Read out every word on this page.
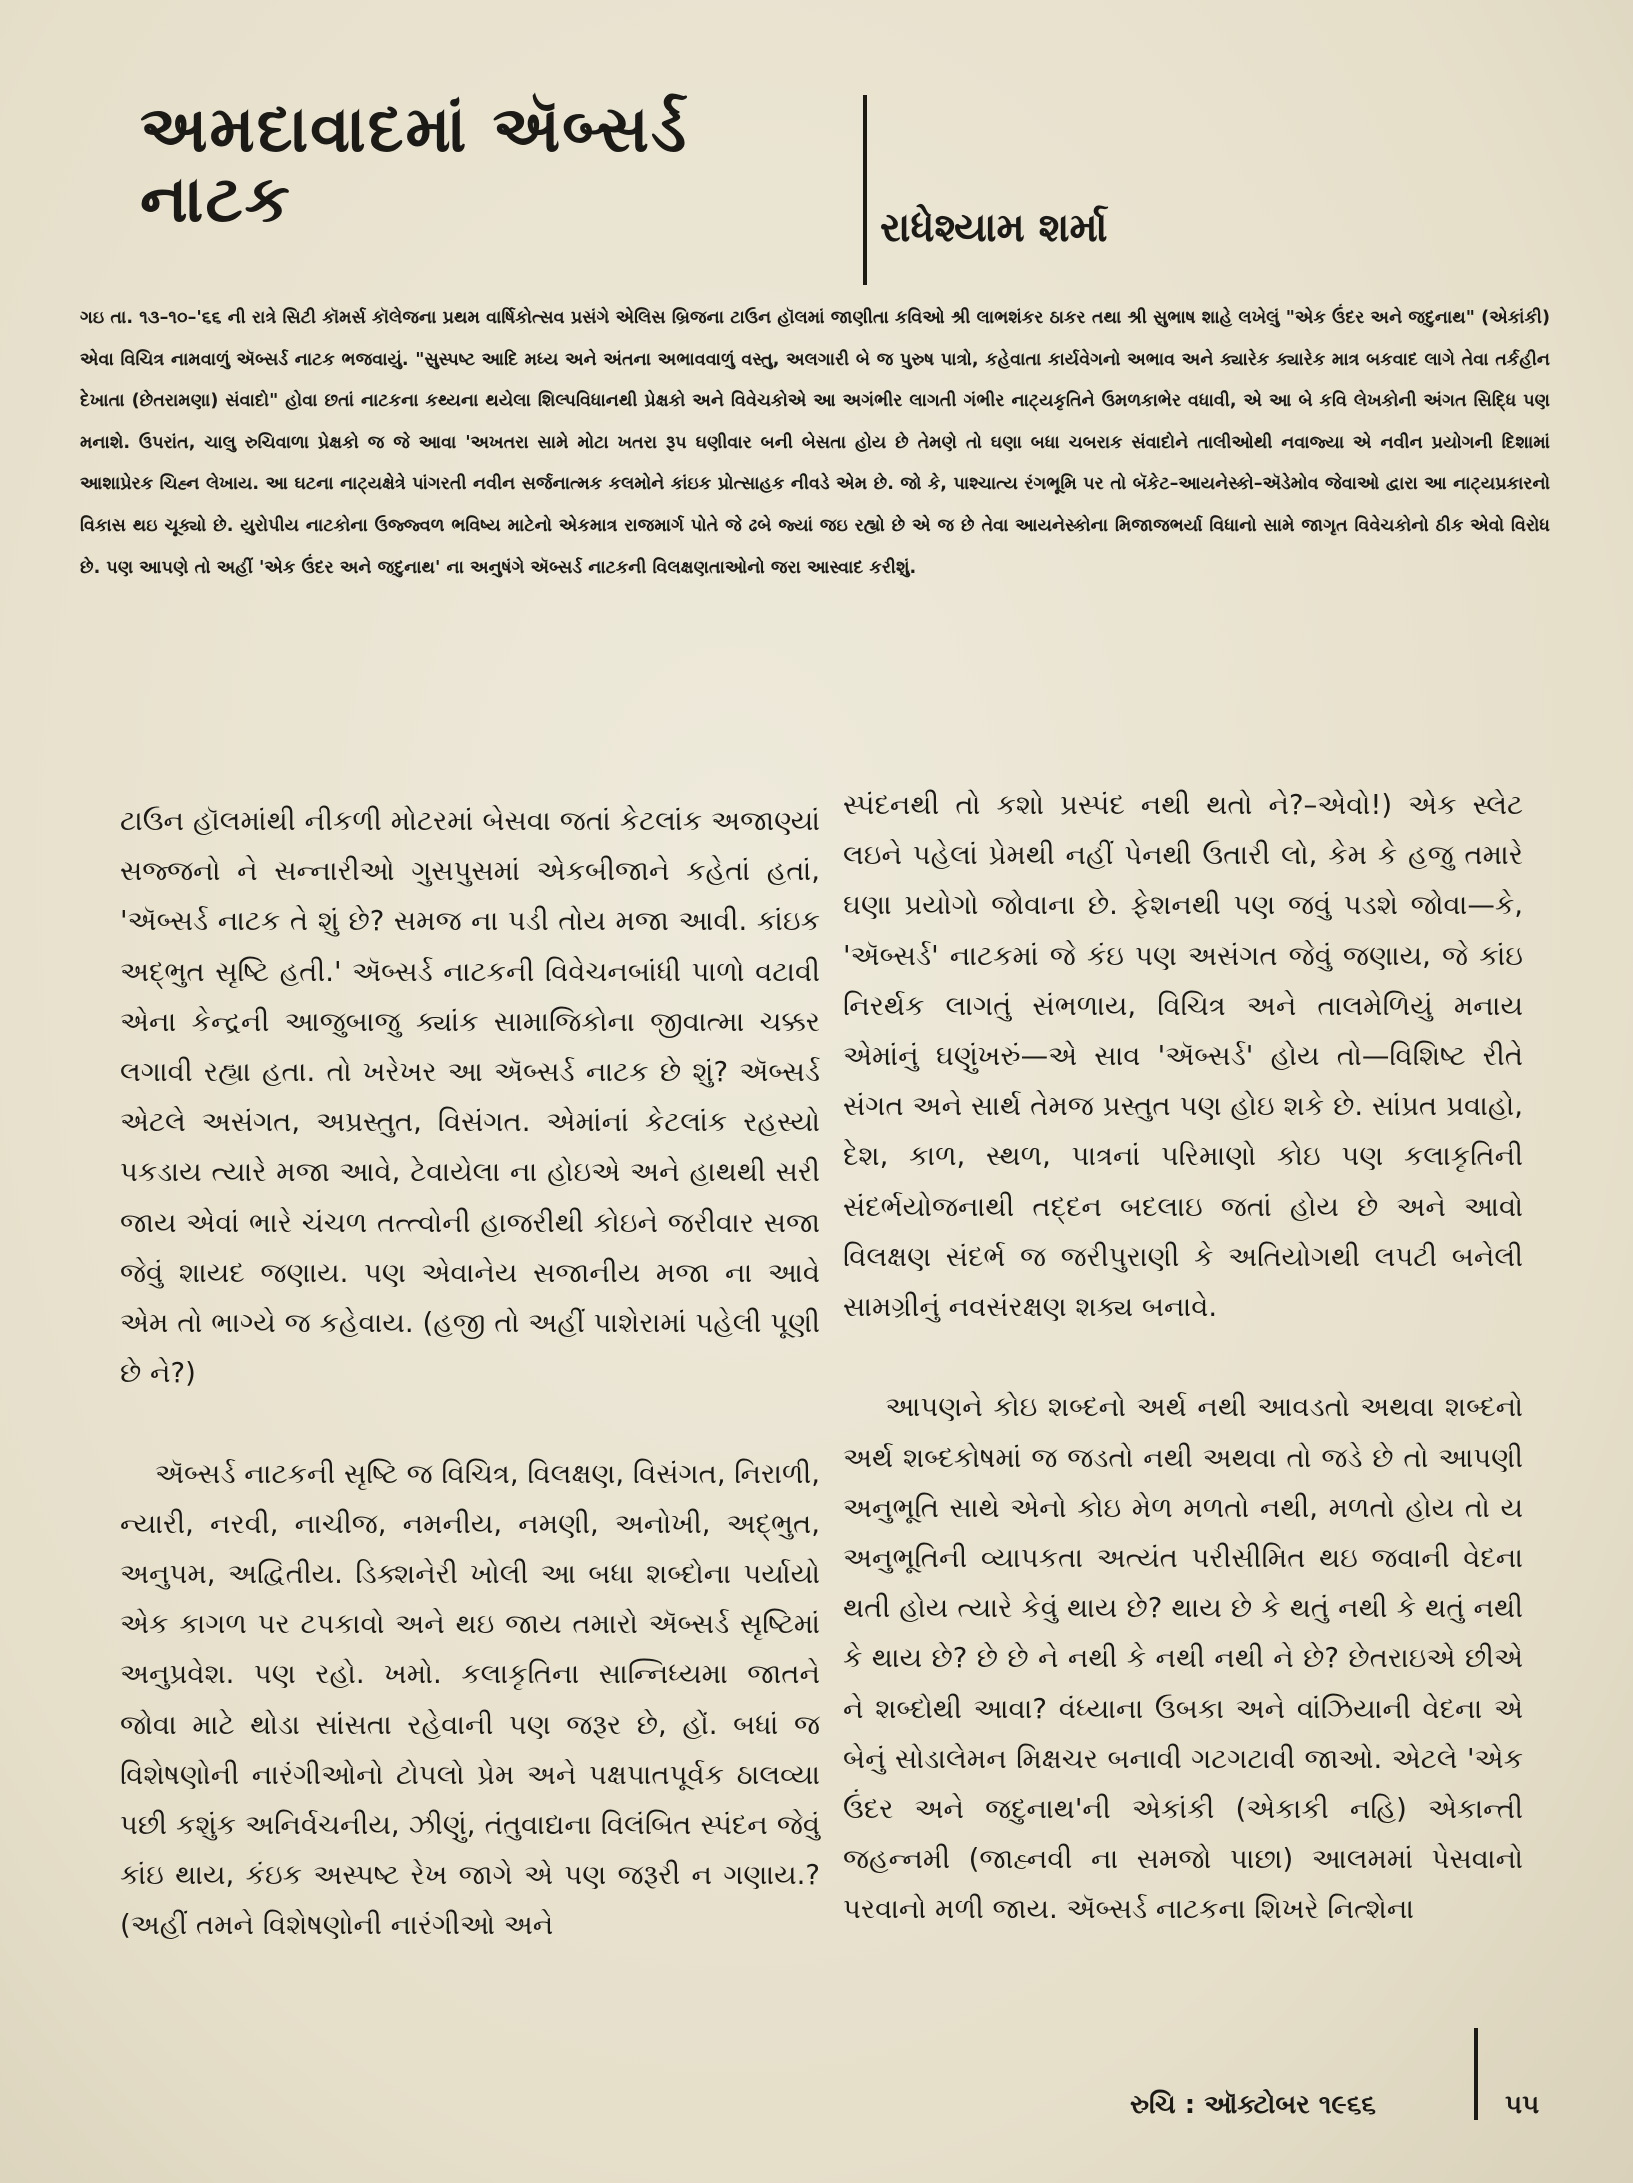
અમદાવાદમાં ઍબ્સર્ડ નાટક	રાધેશ્યામ શર્મા
ગઇ તા. ૧૩–૧૦–'૬૬ ની રાત્રે સિટી કૉમર્સ કૉલેજના પ્રથમ વાર્ષિકોત્સવ પ્રસંગે એલિસ બ્રિજના ટાઉન હૉલમાં જાણીતા કવિઓ શ્રી લાભશંકર ઠાકર તથા શ્રી સુભાષ શાહે લખેલું "એક ઉંદર અને જદુનાથ" (એકાંકી) એવા વિચિત્ર નામવાળું ઍબ્સર્ડ નાટક ભજવાયું. "સુસ્પષ્ટ આદિ મધ્ય અને અંતના અભાવવાળું વસ્તુ, અલગારી બે જ પુરુષ પાત્રો, કહેવાતા કાર્યવેગનો અભાવ અને ક્યારેક ક્યારેક માત્ર બકવાદ લાગે તેવા તર્કહીન દેખાતા (છેતરામણા) સંવાદો" હોવા છતાં નાટકના કથ્યના થયેલા શિલ્પવિધાનથી પ્રેક્ષકો અને વિવેચકોએ આ અગંભીર લાગતી ગંભીર નાટ્યકૃતિને ઉમળકાભેર વધાવી, એ આ બે કવિ લેખકોની અંગત સિદ્ધિ પણ મનાશે. ઉપરાંત, ચાલુ રુચિવાળા પ્રેક્ષકો જ જે આવા 'અખતરા સામે મોટા ખતરા રૂપ ઘણીવાર બની બેસતા હોય છે તેમણે તો ઘણા બધા ચબરાક સંવાદોને તાલીઓથી નવાજ્યા એ નવીન પ્રયોગની દિશામાં આશાપ્રેરક ચિહ્ન લેખાય. આ ઘટના નાટ્યક્ષેત્રે પાંગરતી નવીન સર્જનાત્મક કલમોને કાંઇક પ્રોત્સાહક નીવડે એમ છે. જો કે, પાશ્ચાત્ય રંગભૂમિ પર તો બૅકેટ–આયનેસ્કો–ઍડેમોવ જેવાઓ દ્વારા આ નાટ્યપ્રકારનો વિકાસ થઇ ચૂક્યો છે. યુરોપીય નાટકોના ઉજ્જ્વળ ભવિષ્ય માટેનો એકમાત્ર રાજમાર્ગ પોતે જે ઢબે જ્યાં જઇ રહ્યો છે એ જ છે તેવા આયનેસ્કોના મિજાજભર્યા વિધાનો સામે જાગૃત વિવેચકોનો ઠીક એવો વિરોધ છે. પણ આપણે તો અહીં 'એક ઉંદર અને જદુનાથ' ના અનુષંગે ઍબ્સર્ડ નાટકની વિલક્ષણતાઓનો જરા આસ્વાદ કરીશું.
ટાઉન હૉલમાંથી નીકળી મોટરમાં બેસવા જતાં કેટલાંક અજાણ્યાં સજ્જનો ને સન્નારીઓ ગુસપુસમાં એકબીજાને કહેતાં હતાં, 'ઍબ્સર્ડ નાટક તે શું છે? સમજ ના પડી તોય મજા આવી. કાંઇક અદ્ભુત સૃષ્ટિ હતી.' ઍબ્સર્ડ નાટકની વિવેચનબાંધી પાળો વટાવી એના કેન્દ્રની આજુબાજુ ક્યાંક સામાજિકોના જીવાત્મા ચક્કર લગાવી રહ્યા હતા. તો ખરેખર આ ઍબ્સર્ડ નાટક છે શું? ઍબ્સર્ડ એટલે અસંગત, અપ્રસ્તુત, વિસંગત. એમાંનાં કેટલાંક રહસ્યો પકડાય ત્યારે મજા આવે, ટેવાયેલા ના હોઇએ અને હાથથી સરી જાય એવાં ભારે ચંચળ તત્ત્વોની હાજરીથી કોઇને જરીવાર સજા જેવું શાયદ જણાય. પણ એવાનેય સજાનીય મજા ના આવે એમ તો ભાગ્યે જ કહેવાય. (હજી તો અહીં પાશેરામાં પહેલી પૂણી છે ને?)

ઍબ્સર્ડ નાટકની સૃષ્ટિ જ વિચિત્ર, વિલક્ષણ, વિસંગત, નિરાળી, ન્યારી, નરવી, નાચીજ, નમનીય, નમણી, અનોખી, અદ્ભુત, અનુપમ, અદ્વિતીય. ડિક્શનેરી ખોલી આ બધા શબ્દોના પર્યાયો એક કાગળ પર ટપકાવો અને થઇ જાય તમારો ઍબ્સર્ડ સૃષ્ટિમાં અનુપ્રવેશ. પણ રહો. ખમો. કલાકૃતિના સાન્નિધ્યમા જાતને જોવા માટે થોડા સાંસતા રહેવાની પણ જરૂર છે, હોં. બધાં જ વિશેષણોની નારંગીઓનો ટોપલો પ્રેમ અને પક્ષપાતપૂર્વક ઠાલવ્યા પછી કશુંક અનિર્વચનીય, ઝીણું, તંતુવાદ્યના વિલંબિત સ્પંદન જેવું કાંઇ થાય, કંઇક અસ્પષ્ટ રેખ જાગે એ પણ જરૂરી ન ગણાય.? (અહીં તમને વિશેષણોની નારંગીઓ અને
સ્પંદનથી તો કશો પ્રસ્પંદ નથી થતો ને?–એવો!) એક સ્લેટ લઇને પહેલાં પ્રેમથી નહીં પેનથી ઉતારી લો, કેમ કે હજુ તમારે ઘણા પ્રયોગો જોવાના છે. ફેશનથી પણ જવું પડશે જોવા—કે, 'ઍબ્સર્ડ' નાટકમાં જે કંઇ પણ અસંગત જેવું જણાય, જે કાંઇ નિરર્થક લાગતું સંભળાય, વિચિત્ર અને તાલમેળિયું મનાય એમાંનું ઘણુંખરું—એ સાવ 'ઍબ્સર્ડ' હોય તો—વિશિષ્ટ રીતે સંગત અને સાર્થ તેમજ પ્રસ્તુત પણ હોઇ શકે છે. સાંપ્રત પ્રવાહો, દેશ, કાળ, સ્થળ, પાત્રનાં પરિમાણો કોઇ પણ કલાકૃતિની સંદર્ભયોજનાથી તદ્દન બદલાઇ જતાં હોય છે અને આવો વિલક્ષણ સંદર્ભ જ જરીપુરાણી કે અતિયોગથી લપટી બનેલી સામગ્રીનું નવસંરક્ષણ શક્ય બનાવે.

આપણને કોઇ શબ્દનો અર્થ નથી આવડતો અથવા શબ્દનો અર્થ શબ્દકોષમાં જ જડતો નથી અથવા તો જડે છે તો આપણી અનુભૂતિ સાથે એનો કોઇ મેળ મળતો નથી, મળતો હોય તો ય અનુભૂતિની વ્યાપકતા અત્યંત પરીસીમિત થઇ જવાની વેદના થતી હોય ત્યારે કેવું થાય છે? થાય છે કે થતું નથી કે થતું નથી કે થાય છે? છે છે ને નથી કે નથી નથી ને છે? છેતરાઇએ છીએ ને શબ્દોથી આવા? વંધ્યાના ઉબકા અને વાંઝિયાની વેદના એ બેનું સોડાલેમન મિક્ષચર બનાવી ગટગટાવી જાઓ. એટલે 'એક ઉંદર અને જદુનાથ'ની એકાંકી (એકાકી નહિ) એકાન્તી જહન્નમી (જાહ્નવી ના સમજો પાછા) આલમમાં પેસવાનો પરવાનો મળી જાય. ઍબ્સર્ડ નાટકના શિખરે નિત્શેના
રુચિ : ઑક્ટોબર ૧૯૬૬	૫૫
